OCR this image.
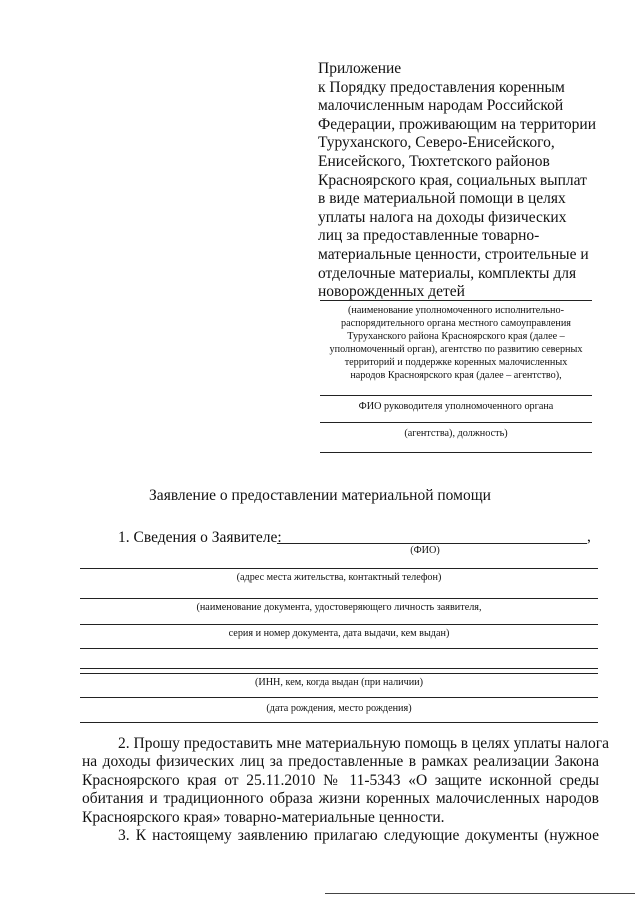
Приложение
к Порядку предоставления коренным
малочисленным народам Российской
Федерации, проживающим на территории
Туруханского, Северо-Енисейского,
Енисейского, Тюхтетского районов
Красноярского края, социальных выплат
в виде материальной помощи в целях
уплаты налога на доходы физических
лиц за предоставленные товарно-
материальные ценности, строительные и
отделочные материалы, комплекты для
новорожденных детей
(наименование уполномоченного исполнительно-
распорядительного органа местного самоуправления
Туруханского района Красноярского края (далее –
уполномоченный орган), агентство по развитию северных
территорий и поддержке коренных малочисленных
народов Красноярского края (далее – агентство),
ФИО руководителя уполномоченного органа
(агентства), должность)
Заявление о предоставлении материальной помощи
1. Сведения о Заявителе:	,
(ФИО)
(адрес места жительства, контактный телефон)
(наименование документа, удостоверяющего личность заявителя,
серия и номер документа, дата выдачи, кем выдан)
(ИНН, кем, когда выдан (при наличии)
(дата рождения, место рождения)
2. Прошу предоставить мне материальную помощь в целях уплаты налога
на доходы физических лиц за предоставленные в рамках реализации Закона
Красноярского края от 25.11.2010 № 11-5343 «О защите исконной среды
обитания и традиционного образа жизни коренных малочисленных народов
Красноярского края» товарно-материальные ценности.
3. К настоящему заявлению прилагаю следующие документы (нужное
